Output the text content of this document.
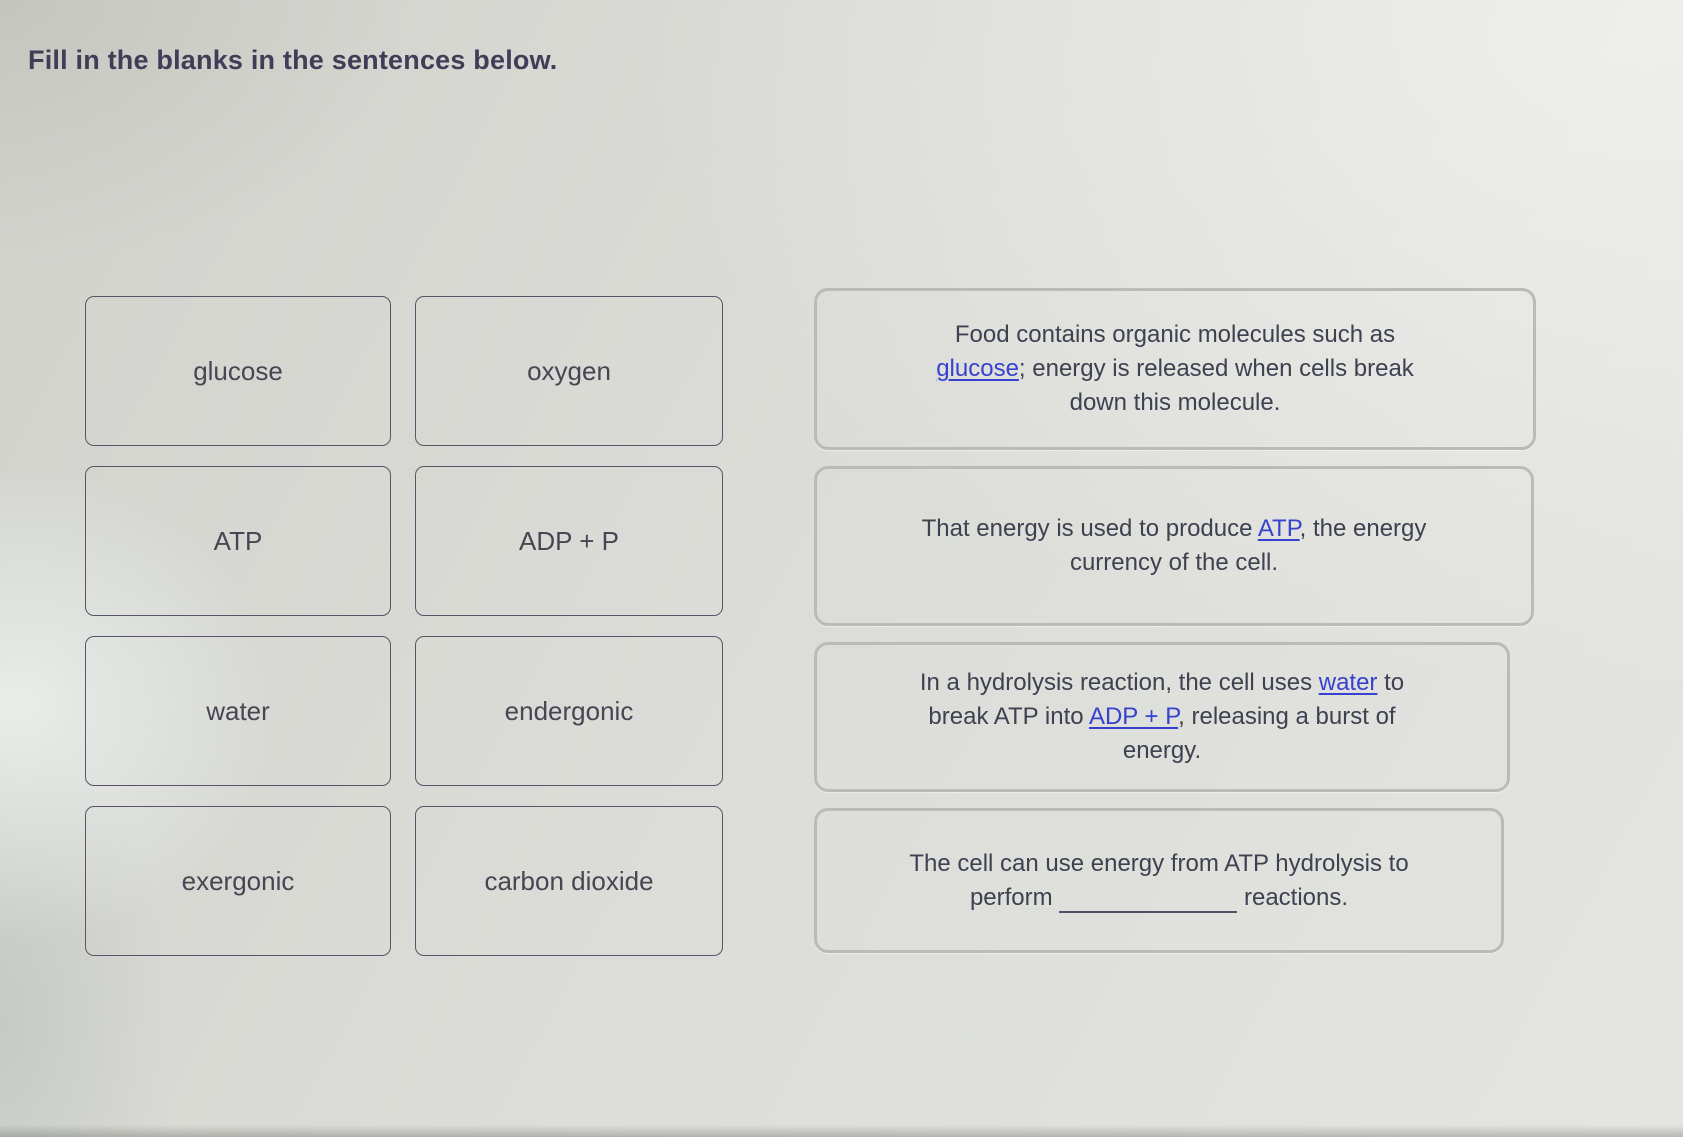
Fill in the blanks in the sentences below.
glucose	oxygen
ATP	ADP + P
water	endergonic
exergonic	carbon dioxide

Food contains organic molecules such as glucose; energy is released when cells break down this molecule.

That energy is used to produce ATP, the energy currency of the cell.

In a hydrolysis reaction, the cell uses water to break ATP into ADP + P, releasing a burst of energy.

The cell can use energy from ATP hydrolysis to perform	reactions.
